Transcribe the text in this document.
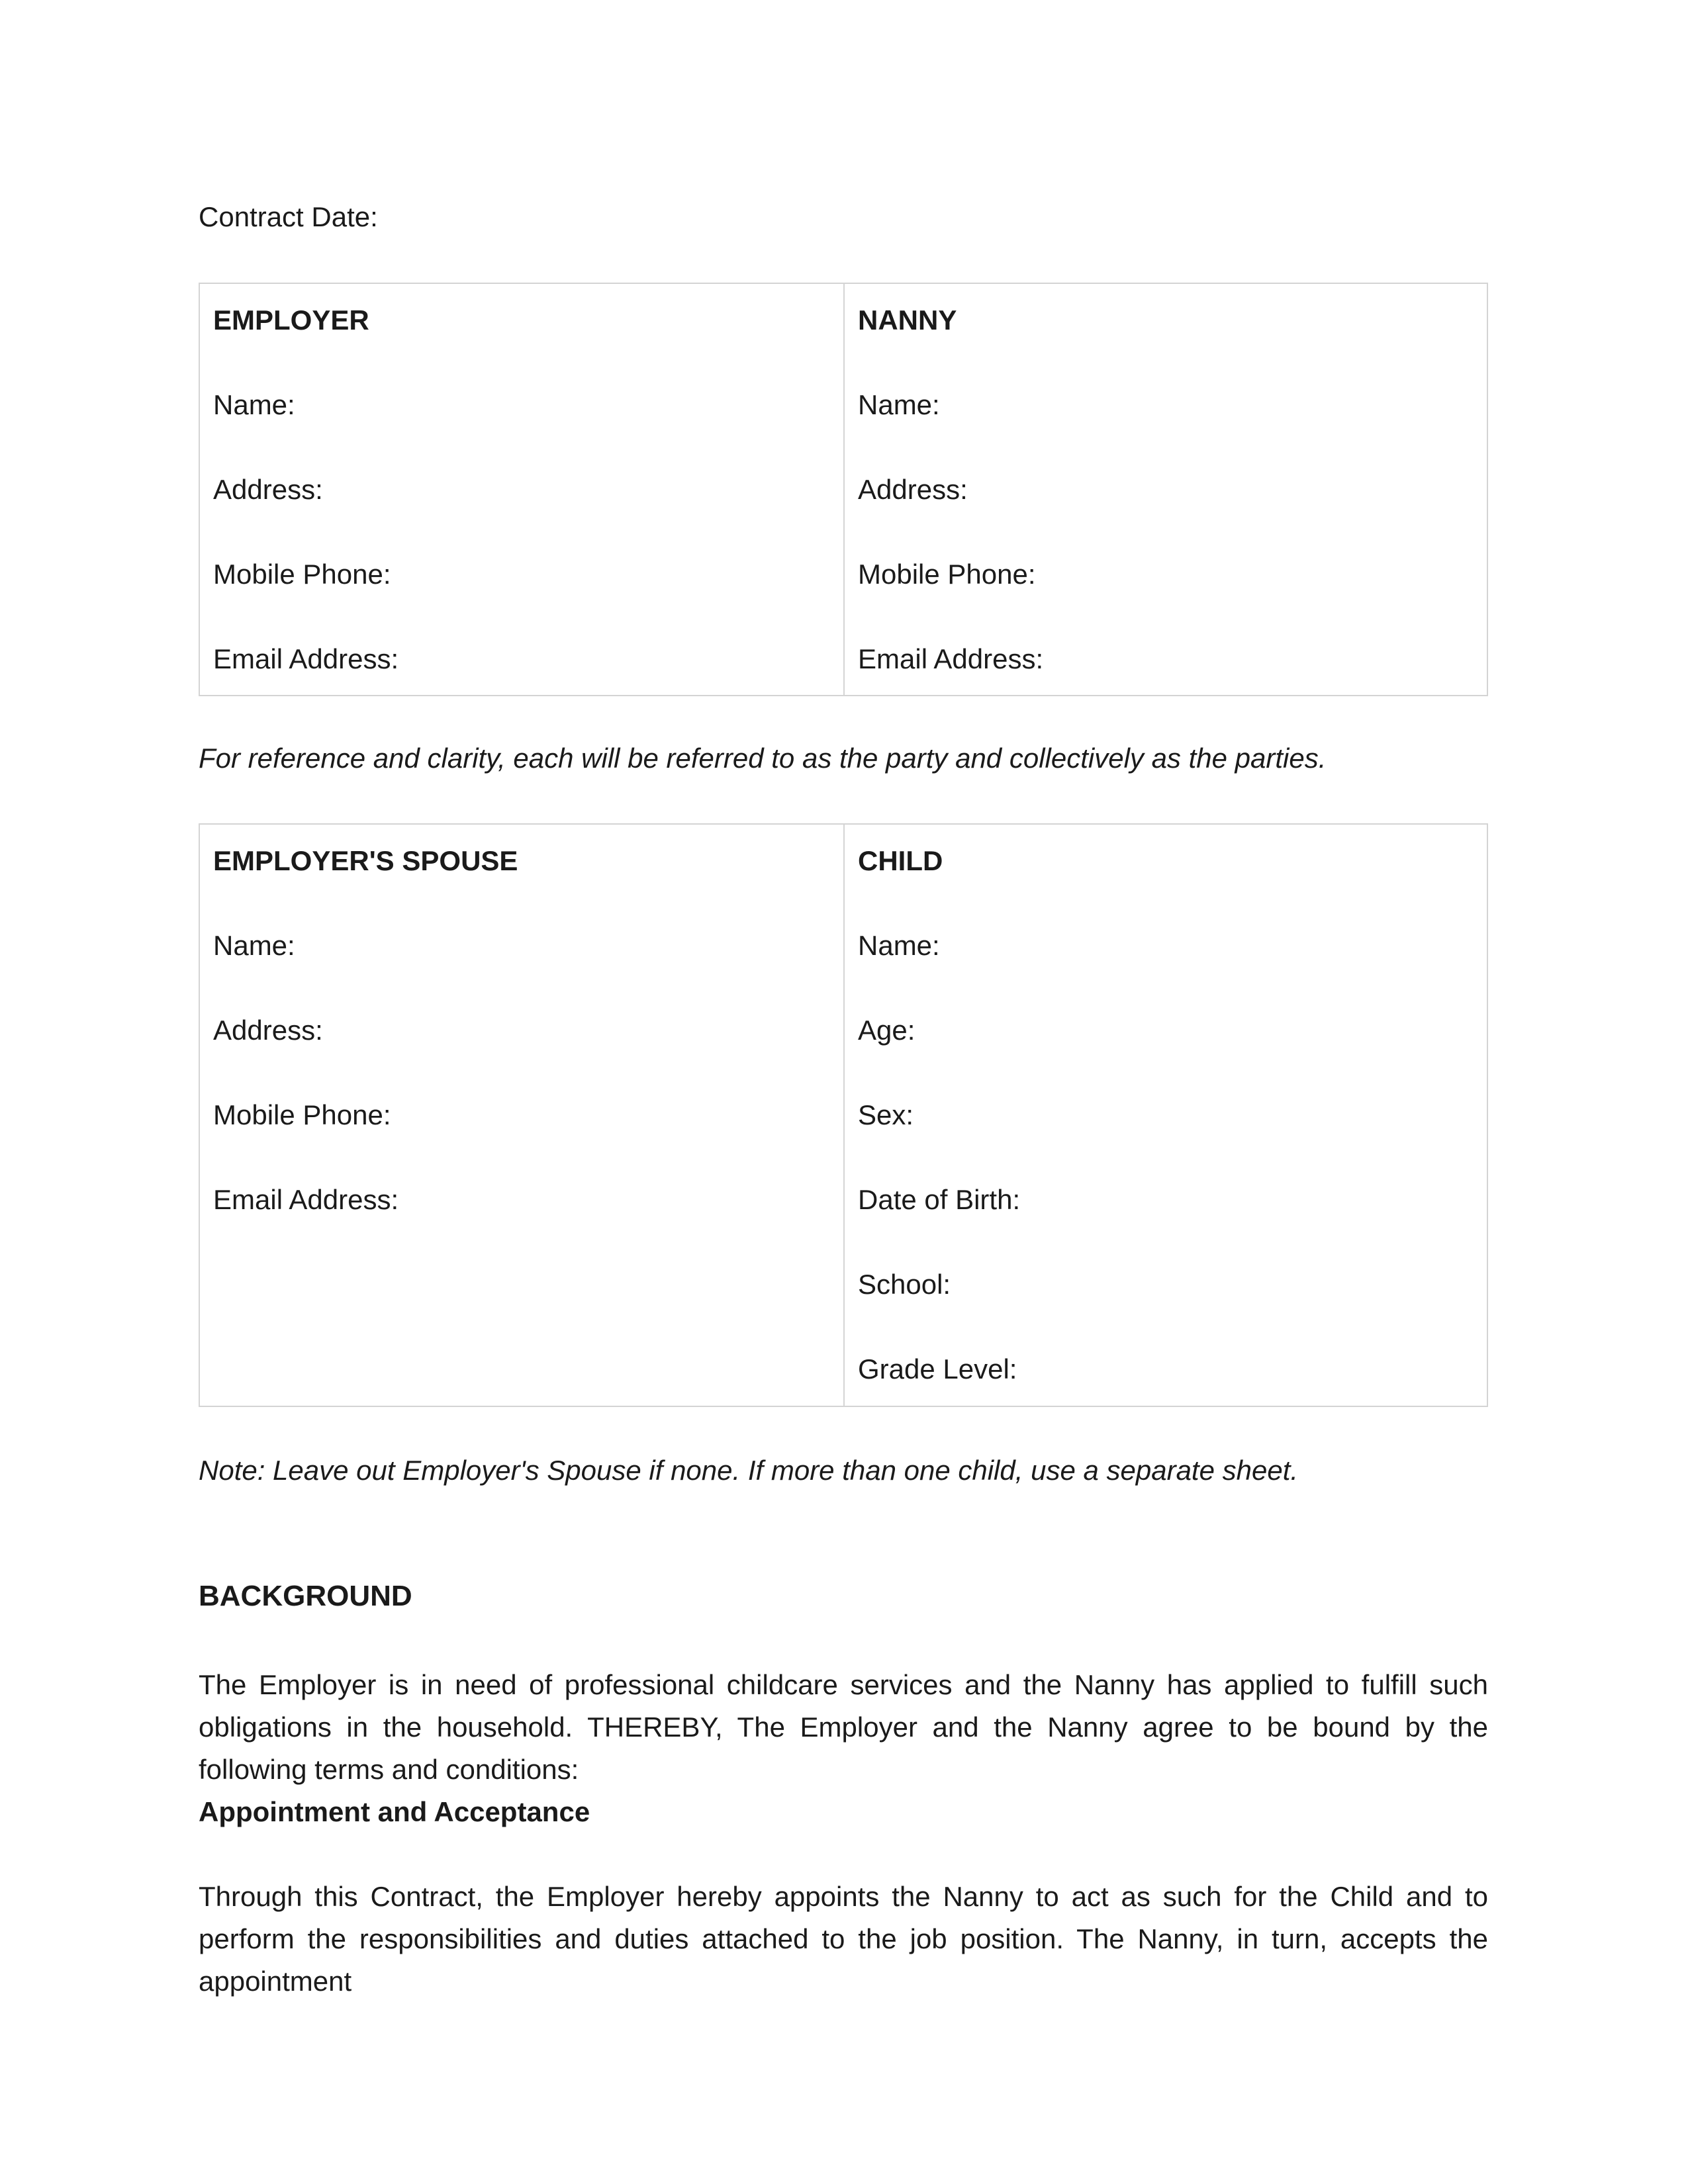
Contract Date:
EMPLOYER
Name:
Address:
Mobile Phone:
Email Address:
NANNY
Name:
Address:
Mobile Phone:
Email Address:
For reference and clarity, each will be referred to as the party and collectively as the parties.
EMPLOYER'S SPOUSE
Name:
Address:
Mobile Phone:
Email Address:
CHILD
Name:
Age:
Sex:
Date of Birth:
School:
Grade Level:
Note: Leave out Employer's Spouse if none. If more than one child, use a separate sheet.
BACKGROUND
The Employer is in need of professional childcare services and the Nanny has applied to fulfill such obligations in the household. THEREBY, The Employer and the Nanny agree to be bound by the following terms and conditions:
Appointment and Acceptance
Through this Contract, the Employer hereby appoints the Nanny to act as such for the Child and to perform the responsibilities and duties attached to the job position. The Nanny, in turn, accepts the appointment
